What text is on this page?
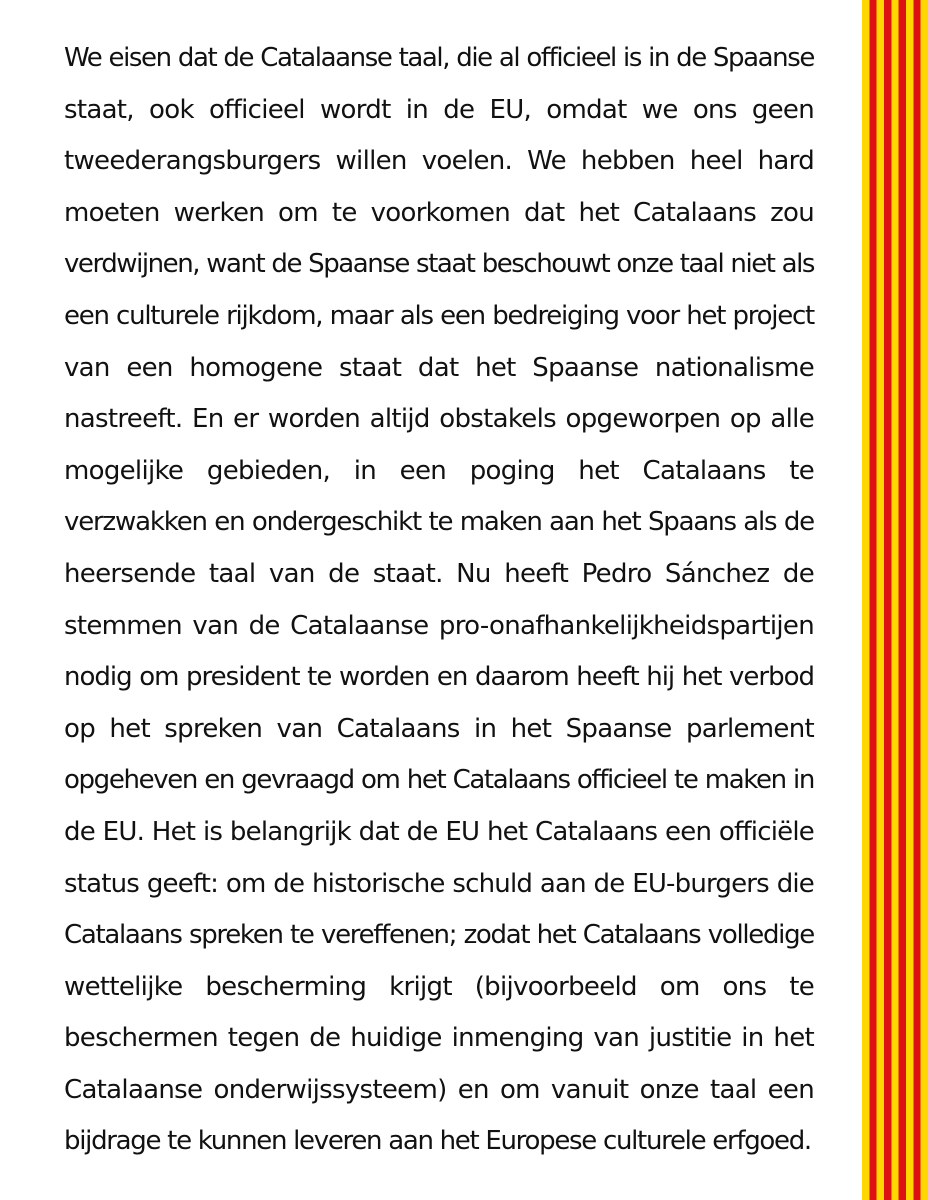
We eisen dat de Catalaanse taal, die al officieel is in de Spaanse
staat, ook officieel wordt in de EU, omdat we ons geen
tweederangsburgers willen voelen. We hebben heel hard
moeten werken om te voorkomen dat het Catalaans zou
verdwijnen, want de Spaanse staat beschouwt onze taal niet als
een culturele rijkdom, maar als een bedreiging voor het project
van een homogene staat dat het Spaanse nationalisme
nastreeft. En er worden altijd obstakels opgeworpen op alle
mogelijke gebieden, in een poging het Catalaans te
verzwakken en ondergeschikt te maken aan het Spaans als de
heersende taal van de staat. Nu heeft Pedro Sánchez de
stemmen van de Catalaanse pro-onafhankelijkheidspartijen
nodig om president te worden en daarom heeft hij het verbod
op het spreken van Catalaans in het Spaanse parlement
opgeheven en gevraagd om het Catalaans officieel te maken in
de EU. Het is belangrijk dat de EU het Catalaans een officiële
status geeft: om de historische schuld aan de EU-burgers die
Catalaans spreken te vereffenen; zodat het Catalaans volledige
wettelijke bescherming krijgt (bijvoorbeeld om ons te
beschermen tegen de huidige inmenging van justitie in het
Catalaanse onderwijssysteem) en om vanuit onze taal een
bijdrage te kunnen leveren aan het Europese culturele erfgoed.
